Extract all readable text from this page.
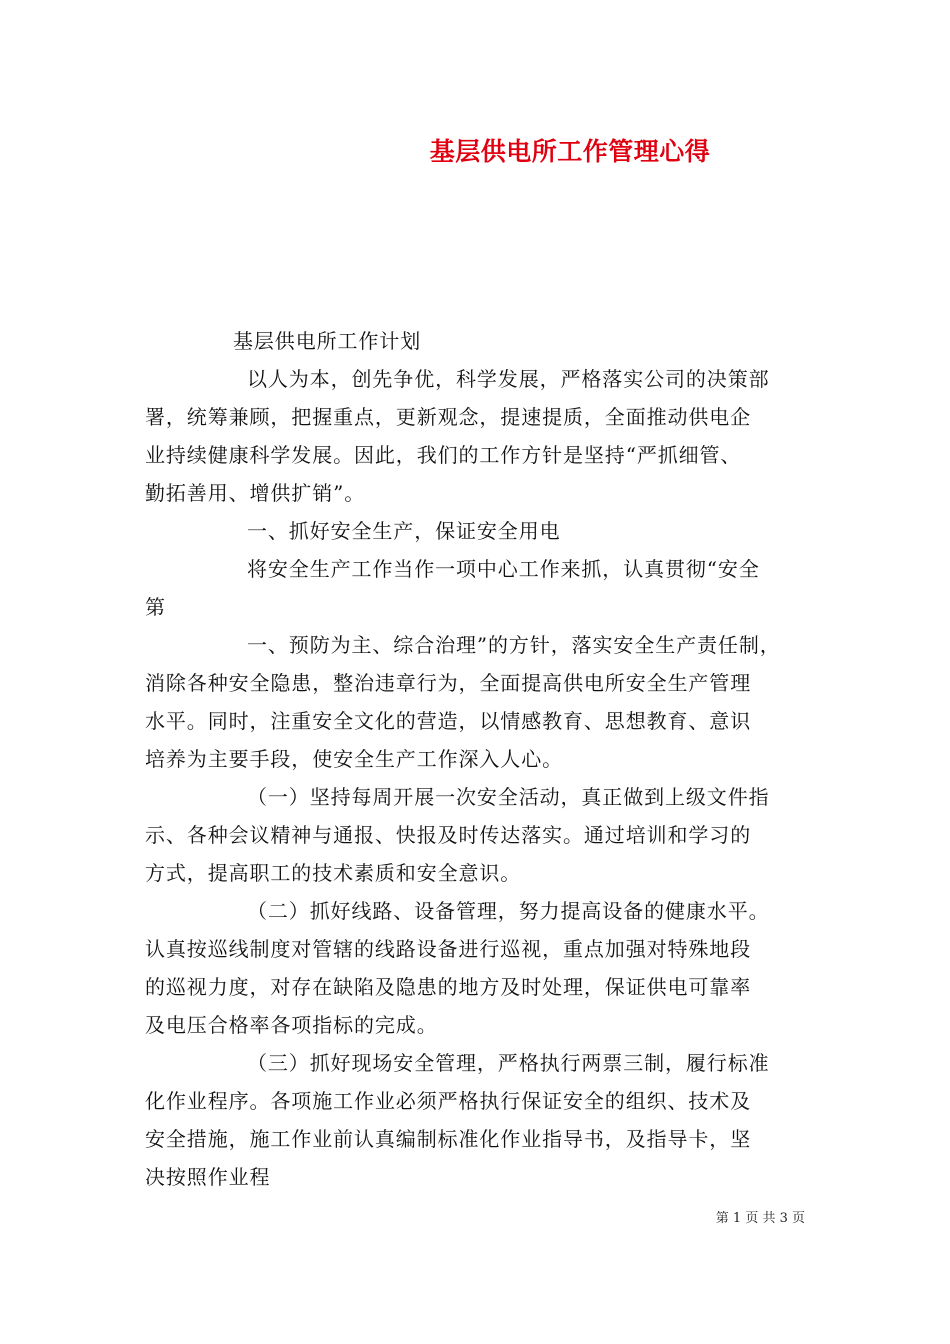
基层供电所工作管理心得
基层供电所工作计划
以人为本，创先争优，科学发展，严格落实公司的决策部
署，统筹兼顾，把握重点，更新观念，提速提质，全面推动供电企
业持续健康科学发展。因此，我们的工作方针是坚持“严抓细管、
勤拓善用、增供扩销”。
一、抓好安全生产，保证安全用电
将安全生产工作当作一项中心工作来抓，认真贯彻“安全
第
一、预防为主、综合治理”的方针，落实安全生产责任制，
消除各种安全隐患，整治违章行为，全面提高供电所安全生产管理
水平。同时，注重安全文化的营造，以情感教育、思想教育、意识
培养为主要手段，使安全生产工作深入人心。
（一）坚持每周开展一次安全活动，真正做到上级文件指
示、各种会议精神与通报、快报及时传达落实。通过培训和学习的
方式，提高职工的技术素质和安全意识。
（二）抓好线路、设备管理，努力提高设备的健康水平。
认真按巡线制度对管辖的线路设备进行巡视，重点加强对特殊地段
的巡视力度，对存在缺陷及隐患的地方及时处理，保证供电可靠率
及电压合格率各项指标的完成。
（三）抓好现场安全管理，严格执行两票三制，履行标准
化作业程序。各项施工作业必须严格执行保证安全的组织、技术及
安全措施，施工作业前认真编制标准化作业指导书，及指导卡，坚
决按照作业程
第 1 页 共 3 页
